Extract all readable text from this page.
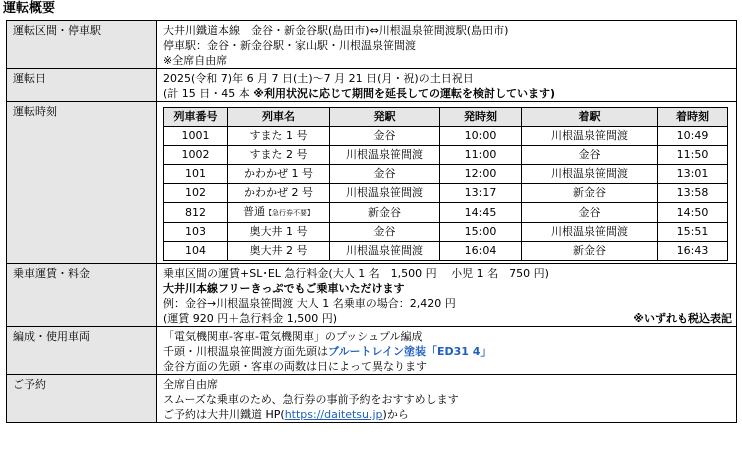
運転概要
運転区間・停車駅	大井川鐵道本線　金谷・新金谷駅(島田市)⇔川根温泉笹間渡駅(島田市)
停車駅：金谷・新金谷駅・家山駅・川根温泉笹間渡
※全席自由席

運転日	2025(令和 7)年 6 月 7 日(土)～7 月 21 日(月・祝)の土日祝日
(計 15 日・45 本 ※利用状況に応じて期間を延長しての運転を検討しています)

運転時刻		列車番号	列車名	発駅	発時刻	着駅	着時刻
1001	すまた 1 号	金谷	10:00	川根温泉笹間渡	10:49
1002	すまた 2 号	川根温泉笹間渡	11:00	金谷	11:50
101	かわかぜ 1 号	金谷	12:00	川根温泉笹間渡	13:01
102	かわかぜ 2 号	川根温泉笹間渡	13:17	新金谷	13:58
812	普通【急行券不要】	新金谷	14:45	金谷	14:50
103	奥大井 1 号	金谷	15:00	川根温泉笹間渡	15:51
104	奥大井 2 号	川根温泉笹間渡	16:04	新金谷	16:43

乗車運賃・料金	乗車区間の運賃+SL･EL 急行料金(大人 1 名　1,500 円　 小児 1 名　750 円)
大井川本線フリーきっぷでもご乗車いただけます
例：金谷→川根温泉笹間渡 大人 1 名乗車の場合：2,420 円
(運賃 920 円＋急行料金 1,500 円)	※いずれも税込表記

編成・使用車両	「電気機関車‐客車‐電気機関車」のプッシュプル編成
千頭・川根温泉笹間渡方面先頭はブルートレイン塗装「ED31 4」
金谷方面の先頭・客車の両数は日によって異なります

ご予約	全席自由席
スムーズな乗車のため、急行券の事前予約をおすすめします
ご予約は大井川鐵道 HP(https://daitetsu.jp)から
